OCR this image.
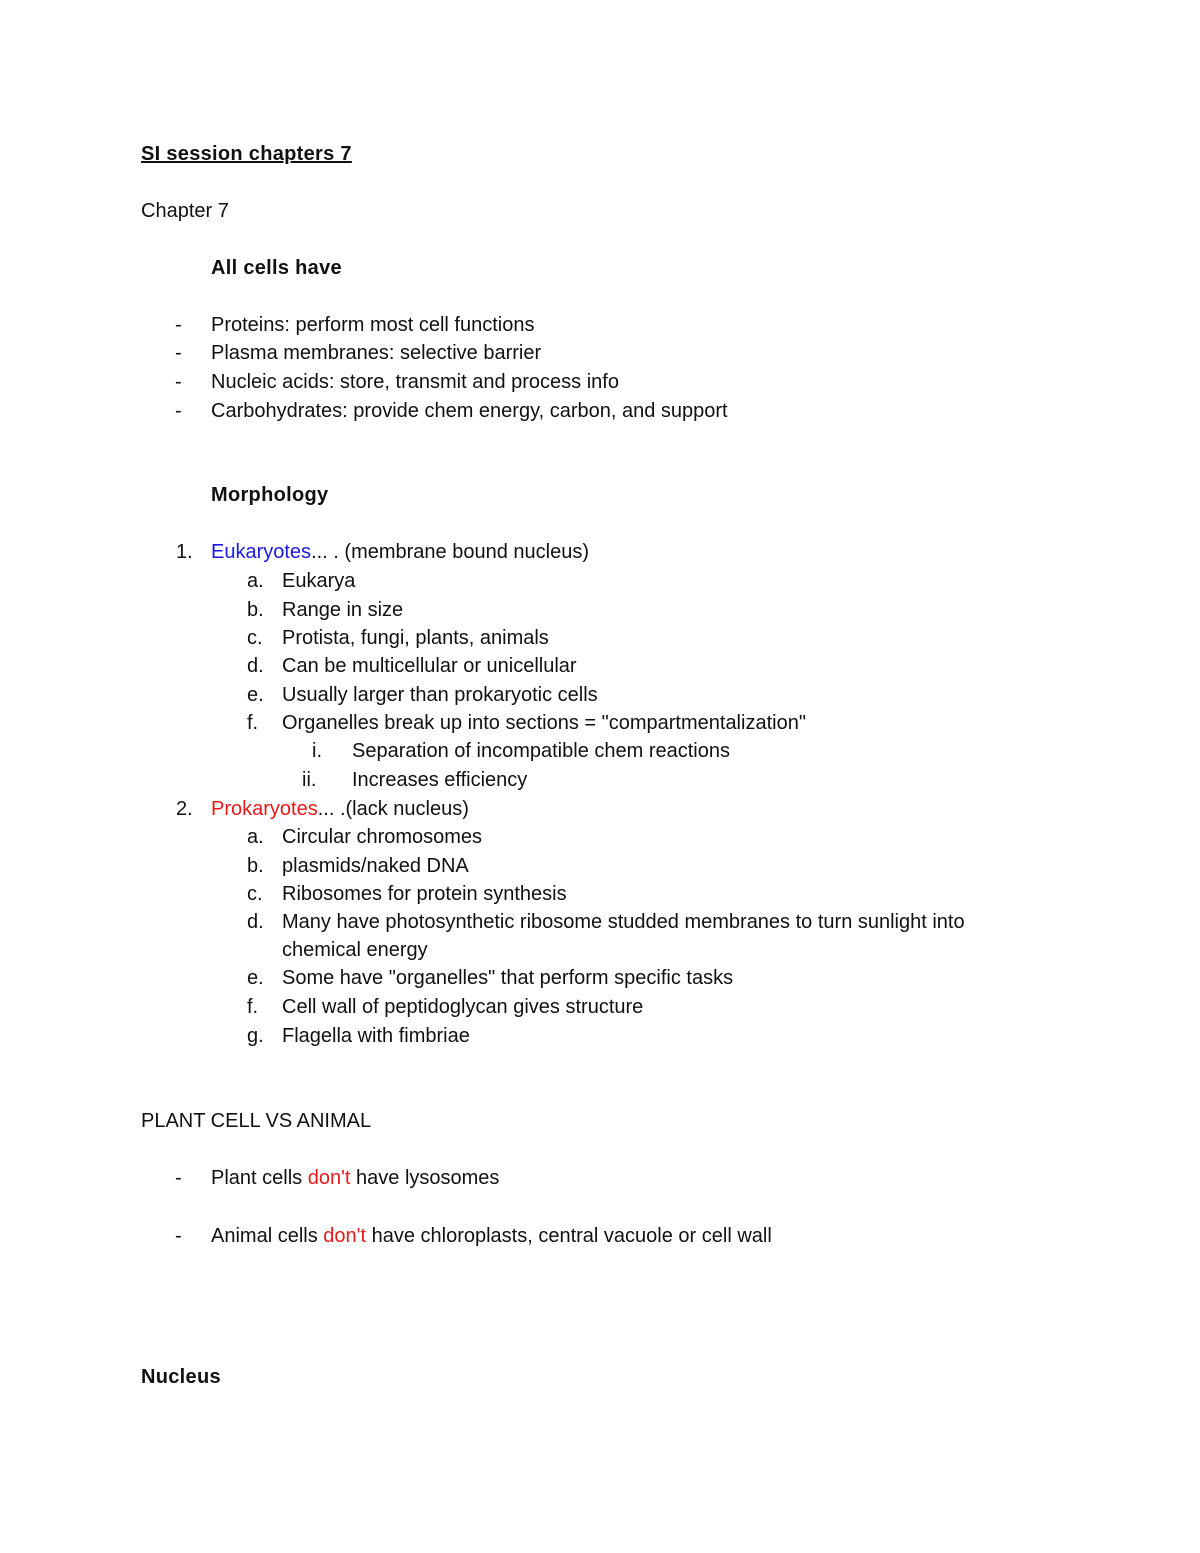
SI session chapters 7
Chapter 7
All cells have
- Proteins: perform most cell functions
- Plasma membranes: selective barrier
- Nucleic acids: store, transmit and process info
- Carbohydrates: provide chem energy, carbon, and support
Morphology
1. Eukaryotes... . (membrane bound nucleus)
a. Eukarya
b. Range in size
c. Protista, fungi, plants, animals
d. Can be multicellular or unicellular
e. Usually larger than prokaryotic cells
f. Organelles break up into sections = "compartmentalization"
i. Separation of incompatible chem reactions
ii. Increases efficiency
2. Prokaryotes... .(lack nucleus)
a. Circular chromosomes
b. plasmids/naked DNA
c. Ribosomes for protein synthesis
d. Many have photosynthetic ribosome studded membranes to turn sunlight into
chemical energy
e. Some have "organelles" that perform specific tasks
f. Cell wall of peptidoglycan gives structure
g. Flagella with fimbriae
PLANT CELL VS ANIMAL
- Plant cells don't have lysosomes
- Animal cells don't have chloroplasts, central vacuole or cell wall
Nucleus
